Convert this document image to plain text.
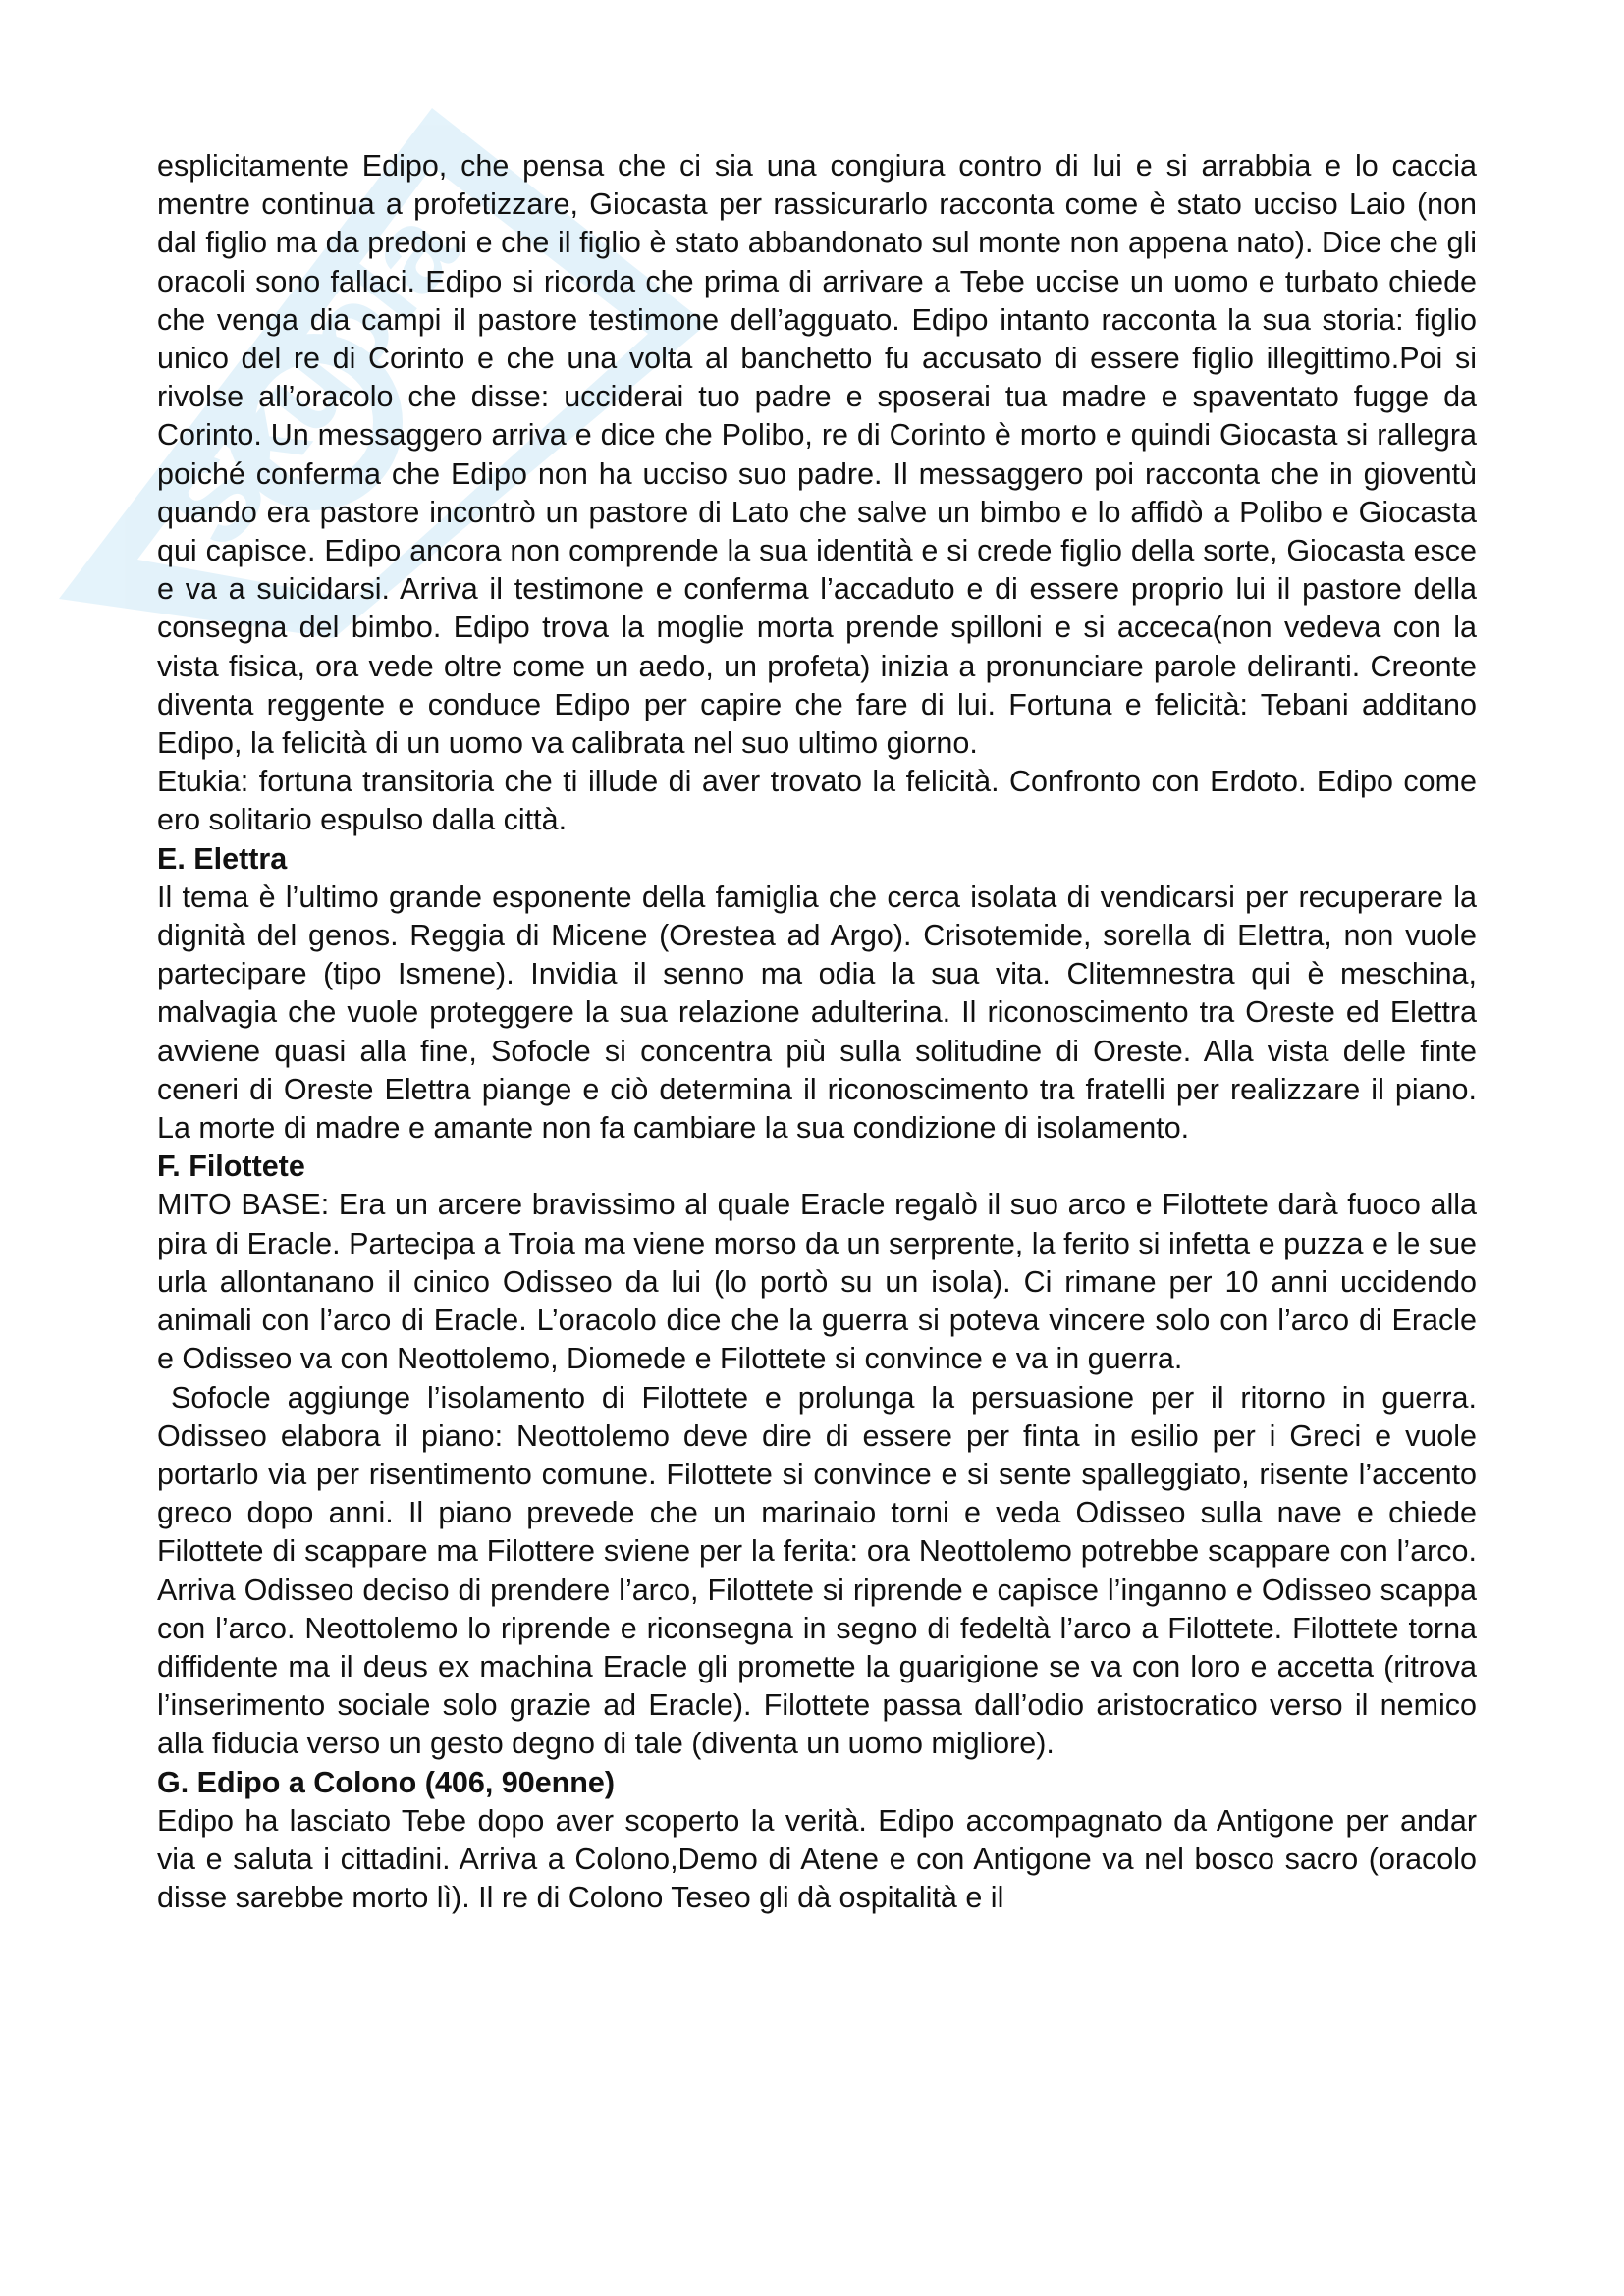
Skuola
esplicitamente Edipo, che pensa che ci sia una congiura contro di lui e si arrabbia e lo caccia mentre continua a profetizzare, Giocasta per rassicurarlo racconta come è stato ucciso Laio (non dal figlio ma da predoni e che il figlio è stato abbandonato sul monte non appena nato). Dice che gli oracoli sono fallaci. Edipo si ricorda che prima di arrivare a Tebe uccise un uomo e turbato chiede che venga dia campi il pastore testimone dell’agguato. Edipo intanto racconta la sua storia: figlio unico del re di Corinto e che una volta al banchetto fu accusato di essere figlio illegittimo.Poi si rivolse all’oracolo che disse: ucciderai tuo padre e sposerai tua madre e spaventato fugge da Corinto. Un messaggero arriva e dice che Polibo, re di Corinto è morto e quindi Giocasta si rallegra poiché conferma che Edipo non ha ucciso suo padre. Il messaggero poi racconta che in gioventù quando era pastore incontrò un pastore di Lato che salve un bimbo e lo affidò a Polibo e Giocasta qui capisce. Edipo ancora non comprende la sua identità e si crede figlio della sorte, Giocasta esce e va a suicidarsi. Arriva il testimone e conferma l’accaduto e di essere proprio lui il pastore della consegna del bimbo. Edipo trova la moglie morta prende spilloni e si acceca(non vedeva con la vista fisica, ora vede oltre come un aedo, un profeta) inizia a pronunciare parole deliranti. Creonte diventa reggente e conduce Edipo per capire che fare di lui. Fortuna e felicità: Tebani additano Edipo, la felicità di un uomo va calibrata nel suo ultimo giorno.
Etukia: fortuna transitoria che ti illude di aver trovato la felicità. Confronto con Erdoto. Edipo come ero solitario espulso dalla città.
E. Elettra
Il tema è l’ultimo grande esponente della famiglia che cerca isolata di vendicarsi per recuperare la dignità del genos. Reggia di Micene (Orestea ad Argo). Crisotemide, sorella di Elettra, non vuole partecipare (tipo Ismene). Invidia il senno ma odia la sua vita. Clitemnestra qui è meschina, malvagia che vuole proteggere la sua relazione adulterina. Il riconoscimento tra Oreste ed Elettra avviene quasi alla fine, Sofocle si concentra più sulla solitudine di Oreste. Alla vista delle finte ceneri di Oreste Elettra piange e ciò determina il riconoscimento tra fratelli per realizzare il piano. La morte di madre e amante non fa cambiare la sua condizione di isolamento.
F. Filottete
MITO BASE: Era un arcere bravissimo al quale Eracle regalò il suo arco e Filottete darà fuoco alla pira di Eracle. Partecipa a Troia ma viene morso da un serprente, la ferito si infetta e puzza e le sue urla allontanano il cinico Odisseo da lui (lo portò su un isola). Ci rimane per 10 anni uccidendo animali con l’arco di Eracle. L’oracolo dice che la guerra si poteva vincere solo con l’arco di Eracle e Odisseo va con Neottolemo, Diomede e Filottete si convince e va in guerra.
Sofocle aggiunge l’isolamento di Filottete e prolunga la persuasione per il ritorno in guerra. Odisseo elabora il piano: Neottolemo deve dire di essere per finta in esilio per i Greci e vuole portarlo via per risentimento comune. Filottete si convince e si sente spalleggiato, risente l’accento greco dopo anni. Il piano prevede che un marinaio torni e veda Odisseo sulla nave e chiede Filottete di scappare ma Filottere sviene per la ferita: ora Neottolemo potrebbe scappare con l’arco. Arriva Odisseo deciso di prendere l’arco, Filottete si riprende e capisce l’inganno e Odisseo scappa con l’arco. Neottolemo lo riprende e riconsegna in segno di fedeltà l’arco a Filottete. Filottete torna diffidente ma il deus ex machina Eracle gli promette la guarigione se va con loro e accetta (ritrova l’inserimento sociale solo grazie ad Eracle). Filottete passa dall’odio aristocratico verso il nemico alla fiducia verso un gesto degno di tale (diventa un uomo migliore).
G. Edipo a Colono (406, 90enne)
Edipo ha lasciato Tebe dopo aver scoperto la verità. Edipo accompagnato da Antigone per andar via e saluta i cittadini. Arriva a Colono,Demo di Atene e con Antigone va nel bosco sacro (oracolo disse sarebbe morto lì). Il re di Colono Teseo gli dà ospitalità e il
